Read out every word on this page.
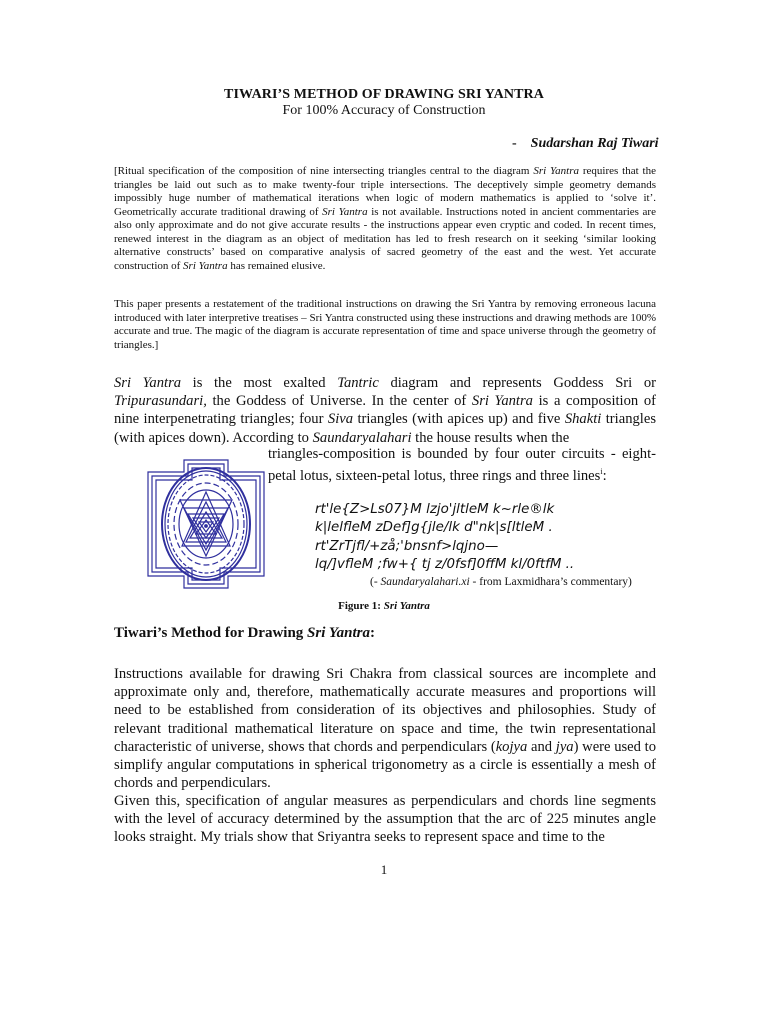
TIWARI’S METHOD OF DRAWING SRI YANTRA
For 100% Accuracy of Construction
- Sudarshan Raj Tiwari
[Ritual specification of the composition of nine intersecting triangles central to the diagram Sri Yantra requires that the triangles be laid out such as to make twenty-four triple intersections. The deceptively simple geometry demands impossibly huge number of mathematical iterations when logic of modern mathematics is applied to ‘solve it’. Geometrically accurate traditional drawing of Sri Yantra is not available. Instructions noted in ancient commentaries are also only approximate and do not give accurate results - the instructions appear even cryptic and coded. In recent times, renewed interest in the diagram as an object of meditation has led to fresh research on it seeking ‘similar looking alternative constructs’ based on comparative analysis of sacred geometry of the east and the west. Yet accurate construction of Sri Yantra has remained elusive.
This paper presents a restatement of the traditional instructions on drawing the Sri Yantra by removing erroneous lacuna introduced with later interpretive treatises – Sri Yantra constructed using these instructions and drawing methods are 100% accurate and true. The magic of the diagram is accurate representation of time and space universe through the geometry of triangles.]
Sri Yantra is the most exalted Tantric diagram and represents Goddess Sri or Tripurasundari, the Goddess of Universe. In the center of Sri Yantra is a composition of nine interpenetrating triangles; four Siva triangles (with apices up) and five Shakti triangles (with apices down). According to Saundaryalahari the house results when the
triangles-composition is bounded by four outer circuits - eight-petal lotus, sixteen-petal lotus, three rings and three lines$^i$:
rt'le{Z>Ls07}M lzjo'jltleM k~rle®lk
k|lelfleM zDef]g{jle/lk d"nk|s[ltleM .
rt'ZrTjfl/+zå;'bnsnf>lqjno—
lq/]vfleM ;fw+{ tj z/0fsf]0ffM kl/0ftfM ..
(- Saundaryalahari.xi - from Laxmidhara’s commentary)
Figure 1: Sri Yantra
Tiwari’s Method for Drawing Sri Yantra:
Instructions available for drawing Sri Chakra from classical sources are incomplete and approximate only and, therefore, mathematically accurate measures and proportions will need to be established from consideration of its objectives and philosophies. Study of relevant traditional mathematical literature on space and time, the twin representational characteristic of universe, shows that chords and perpendiculars (kojya and jya) were used to simplify angular computations in spherical trigonometry as a circle is essentially a mesh of chords and perpendiculars.
Given this, specification of angular measures as perpendiculars and chords line segments with the level of accuracy determined by the assumption that the arc of 225 minutes angle looks straight. My trials show that Sriyantra seeks to represent space and time to the
1
